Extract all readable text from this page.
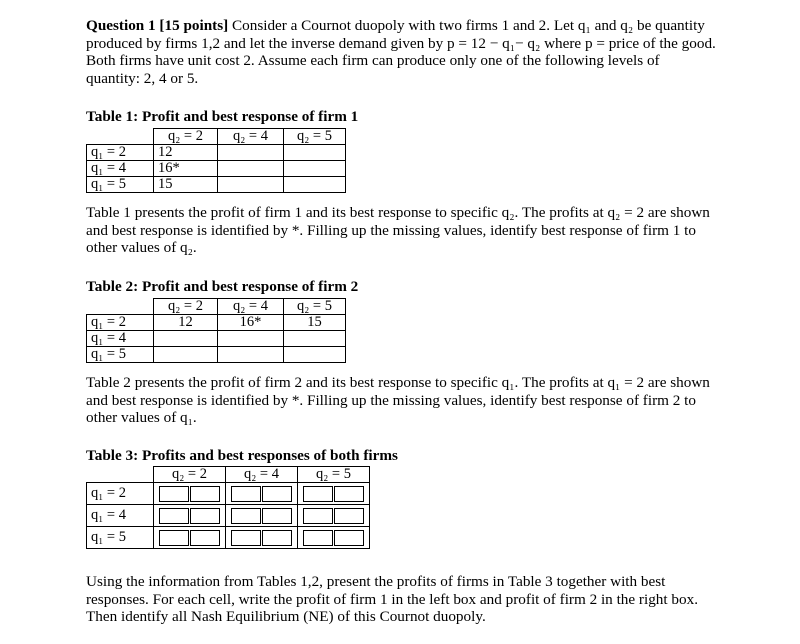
Question 1 [15 points] Consider a Cournot duopoly with two firms 1 and 2. Let q₁ and q₂ be quantity produced by firms 1,2 and let the inverse demand given by p = 12 − q₁− q₂ where p = price of the good. Both firms have unit cost 2. Assume each firm can produce only one of the following levels of quantity: 2, 4 or 5.
Table 1: Profit and best response of firm 1
	q₂ = 2	q₂ = 4	q₂ = 5
q₁ = 2	12		
q₁ = 4	16*		
q₁ = 5	15		
Table 1 presents the profit of firm 1 and its best response to specific q₂. The profits at q₂ = 2 are shown and best response is identified by *. Filling up the missing values, identify best response of firm 1 to other values of q₂.
Table 2: Profit and best response of firm 2
	q₂ = 2	q₂ = 4	q₂ = 5
q₁ = 2	12	16*	15
q₁ = 4			
q₁ = 5			
Table 2 presents the profit of firm 2 and its best response to specific q₁. The profits at q₁ = 2 are shown and best response is identified by *. Filling up the missing values, identify best response of firm 2 to other values of q₁.
Table 3: Profits and best responses of both firms
	q₂ = 2	q₂ = 4	q₂ = 5
q₁ = 2	

q₁ = 4	

q₁ = 5	

Using the information from Tables 1,2, present the profits of firms in Table 3 together with best responses. For each cell, write the profit of firm 1 in the left box and profit of firm 2 in the right box. Then identify all Nash Equilibrium (NE) of this Cournot duopoly.
